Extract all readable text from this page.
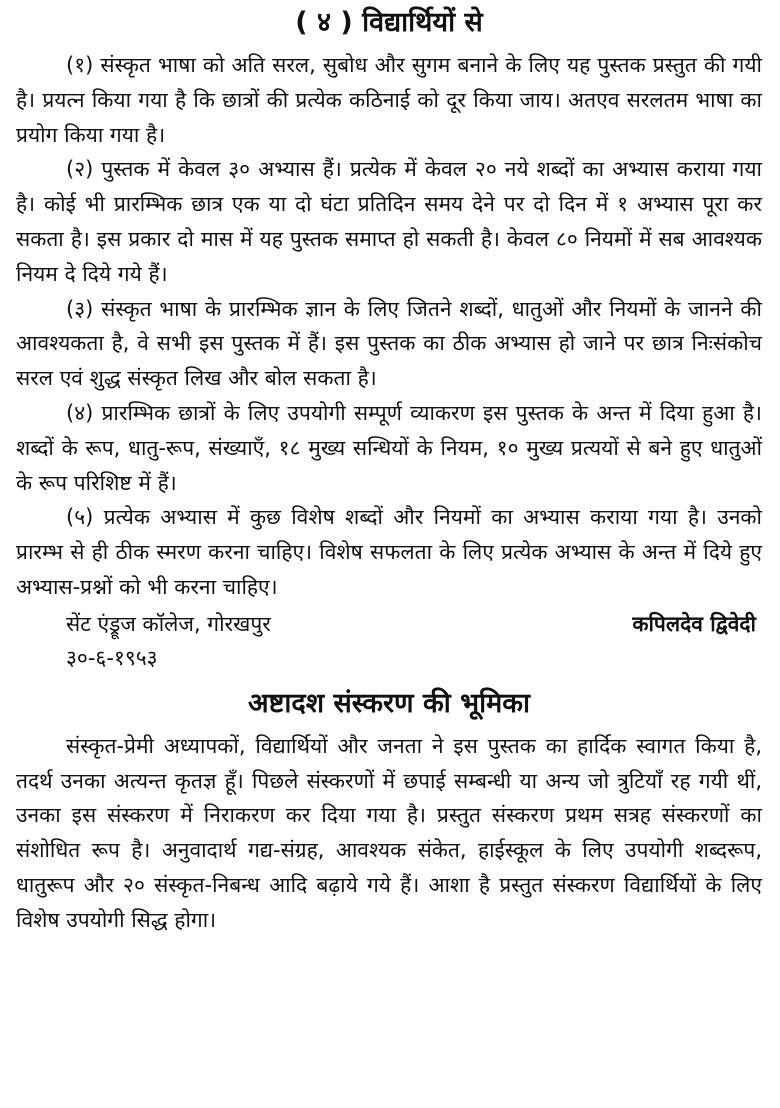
( ४ ) विद्यार्थियों से

(१) संस्कृत भाषा को अति सरल, सुबोध और सुगम बनाने के लिए यह पुस्तक प्रस्तुत की गयी है। प्रयत्न किया गया है कि छात्रों की प्रत्येक कठिनाई को दूर किया जाय। अतएव सरलतम भाषा का प्रयोग किया गया है।

(२) पुस्तक में केवल ३० अभ्यास हैं। प्रत्येक में केवल २० नये शब्दों का अभ्यास कराया गया है। कोई भी प्रारम्भिक छात्र एक या दो घंटा प्रतिदिन समय देने पर दो दिन में १ अभ्यास पूरा कर सकता है। इस प्रकार दो मास में यह पुस्तक समाप्त हो सकती है। केवल ८० नियमों में सब आवश्यक नियम दे दिये गये हैं।

(३) संस्कृत भाषा के प्रारम्भिक ज्ञान के लिए जितने शब्दों, धातुओं और नियमों के जानने की आवश्यकता है, वे सभी इस पुस्तक में हैं। इस पुस्तक का ठीक अभ्यास हो जाने पर छात्र निःसंकोच सरल एवं शुद्ध संस्कृत लिख और बोल सकता है।

(४) प्रारम्भिक छात्रों के लिए उपयोगी सम्पूर्ण व्याकरण इस पुस्तक के अन्त में दिया हुआ है। शब्दों के रूप, धातु-रूप, संख्याएँ, १८ मुख्य सन्धियों के नियम, १० मुख्य प्रत्ययों से बने हुए धातुओं के रूप परिशिष्ट में हैं।

(५) प्रत्येक अभ्यास में कुछ विशेष शब्दों और नियमों का अभ्यास कराया गया है। उनको प्रारम्भ से ही ठीक स्मरण करना चाहिए। विशेष सफलता के लिए प्रत्येक अभ्यास के अन्त में दिये हुए अभ्यास-प्रश्नों को भी करना चाहिए।

सेंट एंड्रूज कॉलेज, गोरखपुर	कपिलदेव द्विवेदी
३०-६-१९५३
अष्टादश संस्करण की भूमिका

संस्कृत-प्रेमी अध्यापकों, विद्यार्थियों और जनता ने इस पुस्तक का हार्दिक स्वागत किया है, तदर्थ उनका अत्यन्त कृतज्ञ हूँ। पिछले संस्करणों में छपाई सम्बन्धी या अन्य जो त्रुटियाँ रह गयी थीं, उनका इस संस्करण में निराकरण कर दिया गया है। प्रस्तुत संस्करण प्रथम सत्रह संस्करणों का संशोधित रूप है। अनुवादार्थ गद्य-संग्रह, आवश्यक संकेत, हाईस्कूल के लिए उपयोगी शब्दरूप, धातुरूप और २० संस्कृत-निबन्ध आदि बढ़ाये गये हैं। आशा है प्रस्तुत संस्करण विद्यार्थियों के लिए विशेष उपयोगी सिद्ध होगा।
